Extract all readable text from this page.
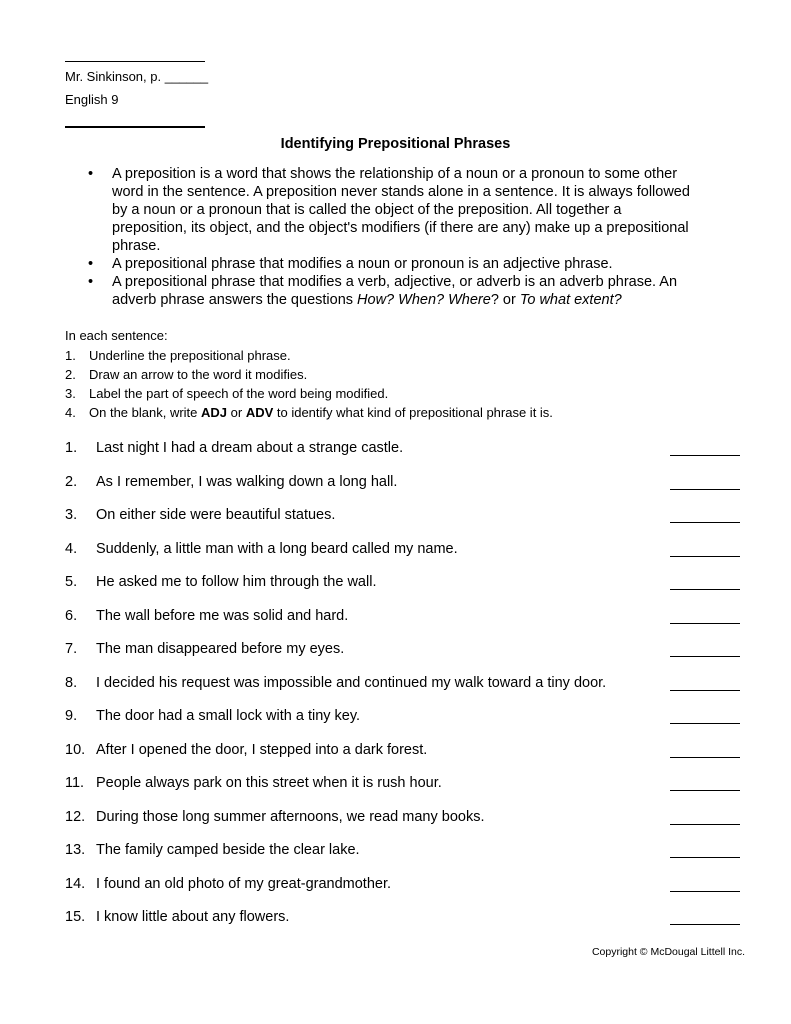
Mr. Sinkinson, p. ______
English 9
Identifying Prepositional Phrases
• A preposition is a word that shows the relationship of a noun or a pronoun to some other word in the sentence. A preposition never stands alone in a sentence. It is always followed by a noun or a pronoun that is called the object of the preposition. All together a preposition, its object, and the object's modifiers (if there are any) make up a prepositional phrase.
• A prepositional phrase that modifies a noun or pronoun is an adjective phrase.
• A prepositional phrase that modifies a verb, adjective, or adverb is an adverb phrase. An adverb phrase answers the questions How? When? Where? or To what extent?
In each sentence:
1. Underline the prepositional phrase.
2. Draw an arrow to the word it modifies.
3. Label the part of speech of the word being modified.
4. On the blank, write ADJ or ADV to identify what kind of prepositional phrase it is.
1. Last night I had a dream about a strange castle.
2. As I remember, I was walking down a long hall.
3. On either side were beautiful statues.
4. Suddenly, a little man with a long beard called my name.
5. He asked me to follow him through the wall.
6. The wall before me was solid and hard.
7. The man disappeared before my eyes.
8. I decided his request was impossible and continued my walk toward a tiny door.
9. The door had a small lock with a tiny key.
10. After I opened the door, I stepped into a dark forest.
11. People always park on this street when it is rush hour.
12. During those long summer afternoons, we read many books.
13. The family camped beside the clear lake.
14. I found an old photo of my great-grandmother.
15. I know little about any flowers.
Copyright © McDougal Littell Inc.
